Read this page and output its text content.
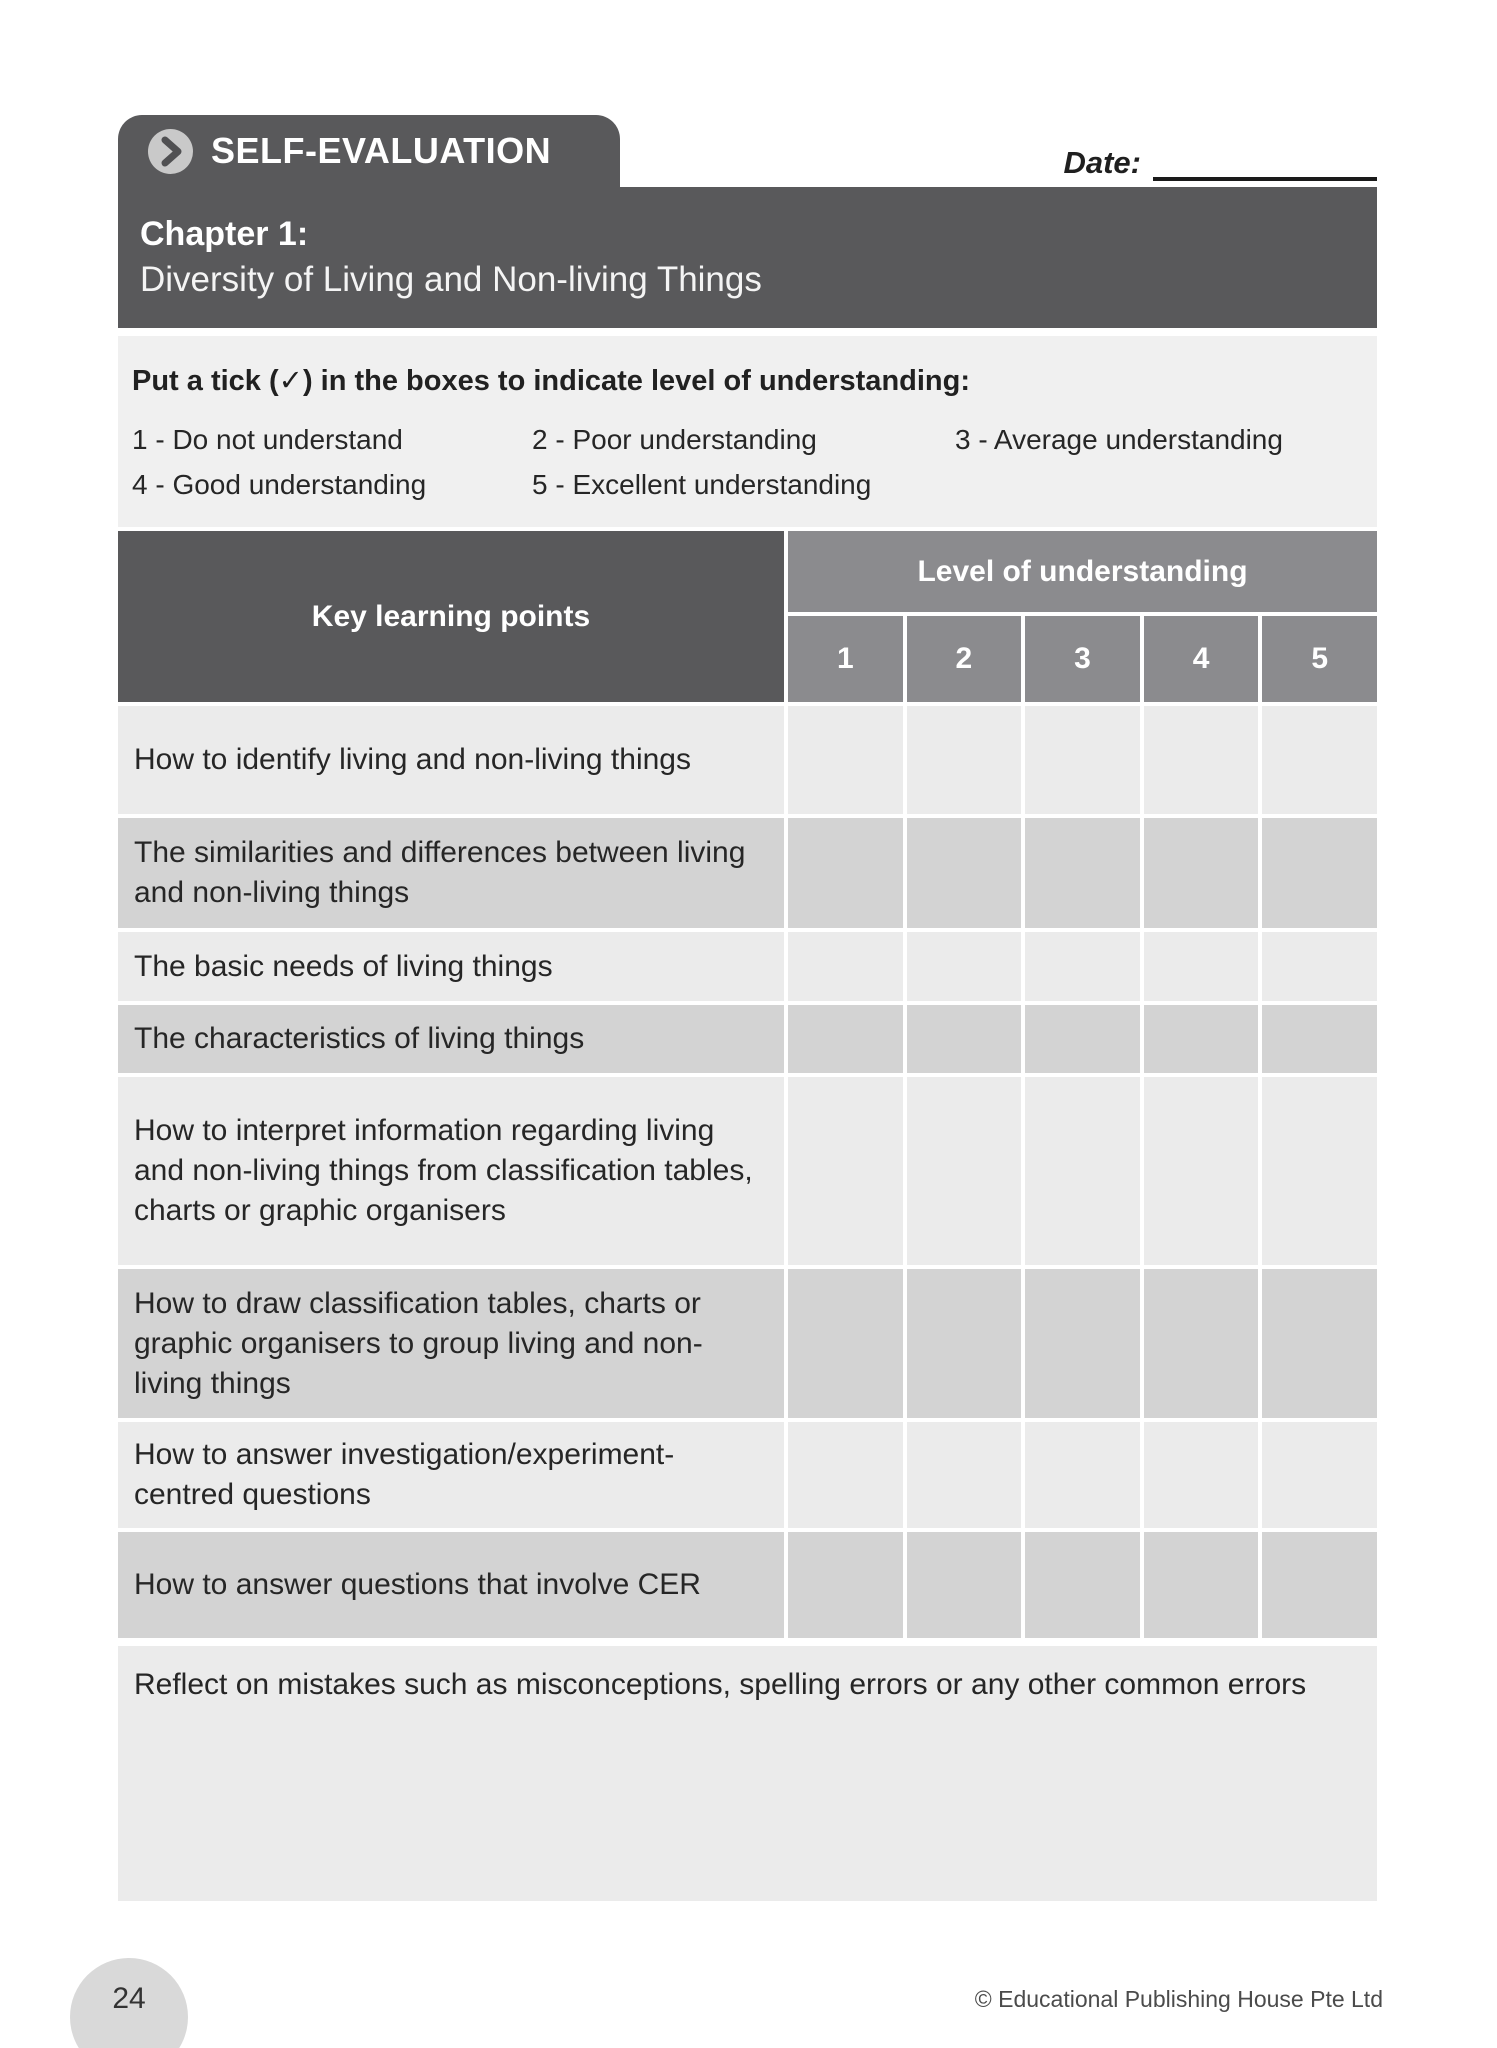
SELF-EVALUATION	Date:
Chapter 1:
Diversity of Living and Non-living Things
Put a tick (✓) in the boxes to indicate level of understanding:
1 - Do not understand	2 - Poor understanding	3 - Average understanding
4 - Good understanding	5 - Excellent understanding
Key learning points
Level of understanding
1	2	3	4	5
How to identify living and non-living things
The similarities and differences between living and non-living things
The basic needs of living things
The characteristics of living things
How to interpret information regarding living and non-living things from classification tables, charts or graphic organisers
How to draw classification tables, charts or graphic organisers to group living and non-living things
How to answer investigation/experiment-centred questions
How to answer questions that involve CER
Reflect on mistakes such as misconceptions, spelling errors or any other common errors
24	© Educational Publishing House Pte Ltd
